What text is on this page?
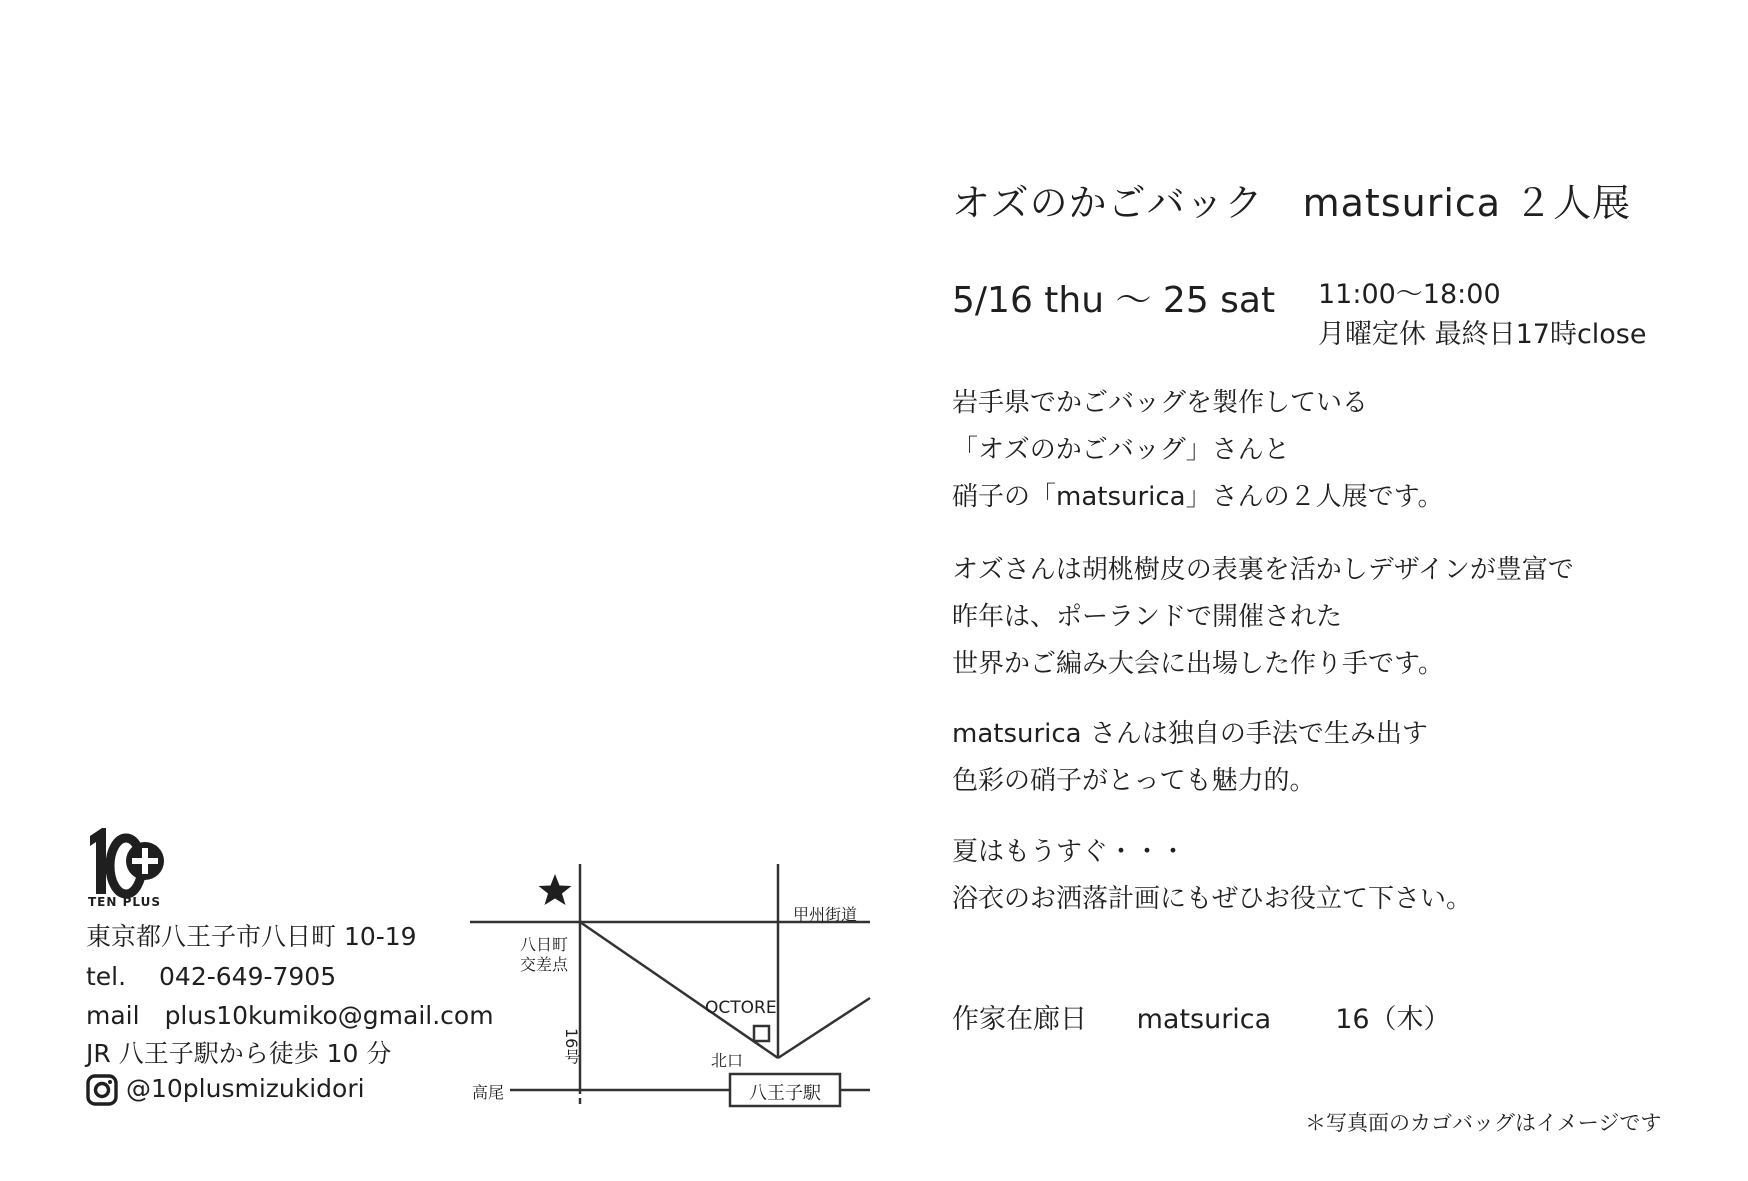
オズのかごバック　matsurica ２人展
5/16 thu ～ 25 sat 11:00～18:00
月曜定休 最終日17時close
岩手県でかごバッグを製作している
「オズのかごバッグ」さんと
硝子の「matsurica」さんの２人展です。
オズさんは胡桃樹皮の表裏を活かしデザインが豊富で
昨年は、ポーランドで開催された
世界かご編み大会に出場した作り手です。
matsurica さんは独自の手法で生み出す
色彩の硝子がとっても魅力的。
夏はもうすぐ・・・
浴衣のお洒落計画にもぜひお役立て下さい。
作家在廊日 matsurica 16（木）
＊写真面のカゴバッグはイメージです
TEN PLUS
東京都八王子市八日町 10-19
tel.　 042-649-7905
mail　plus10kumiko@gmail.com
JR 八王子駅から徒歩 10 分
@10plusmizukidori
八日町
交差点
甲州街道
OCTORE
16号	北口
高尾	八王子駅
